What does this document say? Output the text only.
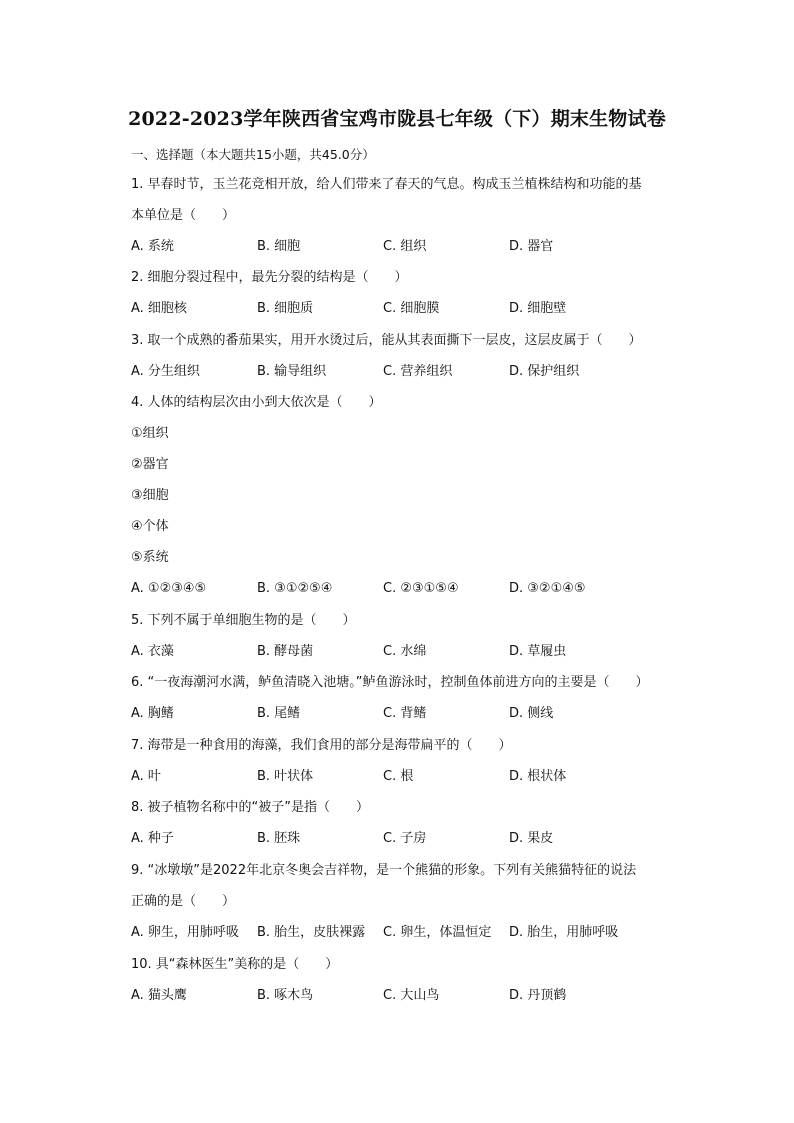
2022-2023学年陕西省宝鸡市陇县七年级（下）期末生物试卷
一、选择题（本大题共15小题，共45.0分）
1. 早春时节，玉兰花竞相开放，给人们带来了春天的气息。构成玉兰植株结构和功能的基
本单位是（　　）
A. 系统	B. 细胞	C. 组织	D. 器官
2. 细胞分裂过程中，最先分裂的结构是（　　）
A. 细胞核	B. 细胞质	C. 细胞膜	D. 细胞壁
3. 取一个成熟的番茄果实，用开水烫过后，能从其表面撕下一层皮，这层皮属于（　　）
A. 分生组织	B. 输导组织	C. 营养组织	D. 保护组织
4. 人体的结构层次由小到大依次是（　　）
①组织
②器官
③细胞
④个体
⑤系统
A. ①②③④⑤	B. ③①②⑤④	C. ②③①⑤④	D. ③②①④⑤
5. 下列不属于单细胞生物的是（　　）
A. 衣藻	B. 酵母菌	C. 水绵	D. 草履虫
6. “一夜海潮河水满，鲈鱼清晓入池塘。”鲈鱼游泳时，控制鱼体前进方向的主要是（　　）
A. 胸鳍	B. 尾鳍	C. 背鳍	D. 侧线
7. 海带是一种食用的海藻，我们食用的部分是海带扁平的（　　）
A. 叶	B. 叶状体	C. 根	D. 根状体
8. 被子植物名称中的“被子”是指（　　）
A. 种子	B. 胚珠	C. 子房	D. 果皮
9. “冰墩墩”是2022年北京冬奥会吉祥物，是一个熊猫的形象。下列有关熊猫特征的说法
正确的是（　　）
A. 卵生，用肺呼吸 B. 胎生，皮肤裸露 C. 卵生，体温恒定 D. 胎生，用肺呼吸
10. 具“森林医生”美称的是（　　）
A. 猫头鹰	B. 啄木鸟	C. 大山鸟	D. 丹顶鹤
